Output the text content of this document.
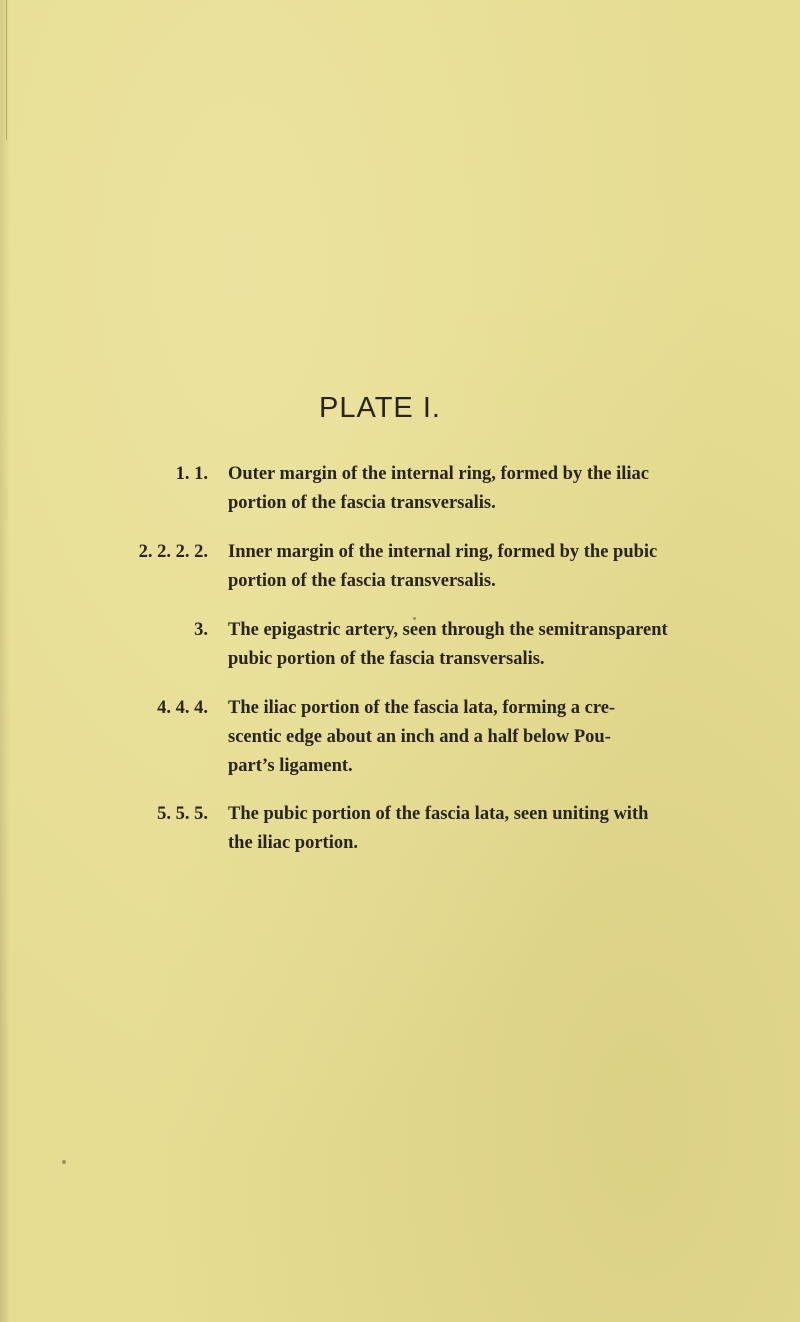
PLATE I.
1. 1. Outer margin of the internal ring, formed by the iliac
portion of the fascia transversalis.
2. 2. 2. 2. Inner margin of the internal ring, formed by the pubic
portion of the fascia transversalis.
3. The epigastric artery, seen through the semitransparent
pubic portion of the fascia transversalis.
4. 4. 4. The iliac portion of the fascia lata, forming a cre-
scentic edge about an inch and a half below Pou-
part’s ligament.
5. 5. 5. The pubic portion of the fascia lata, seen uniting with
the iliac portion.
